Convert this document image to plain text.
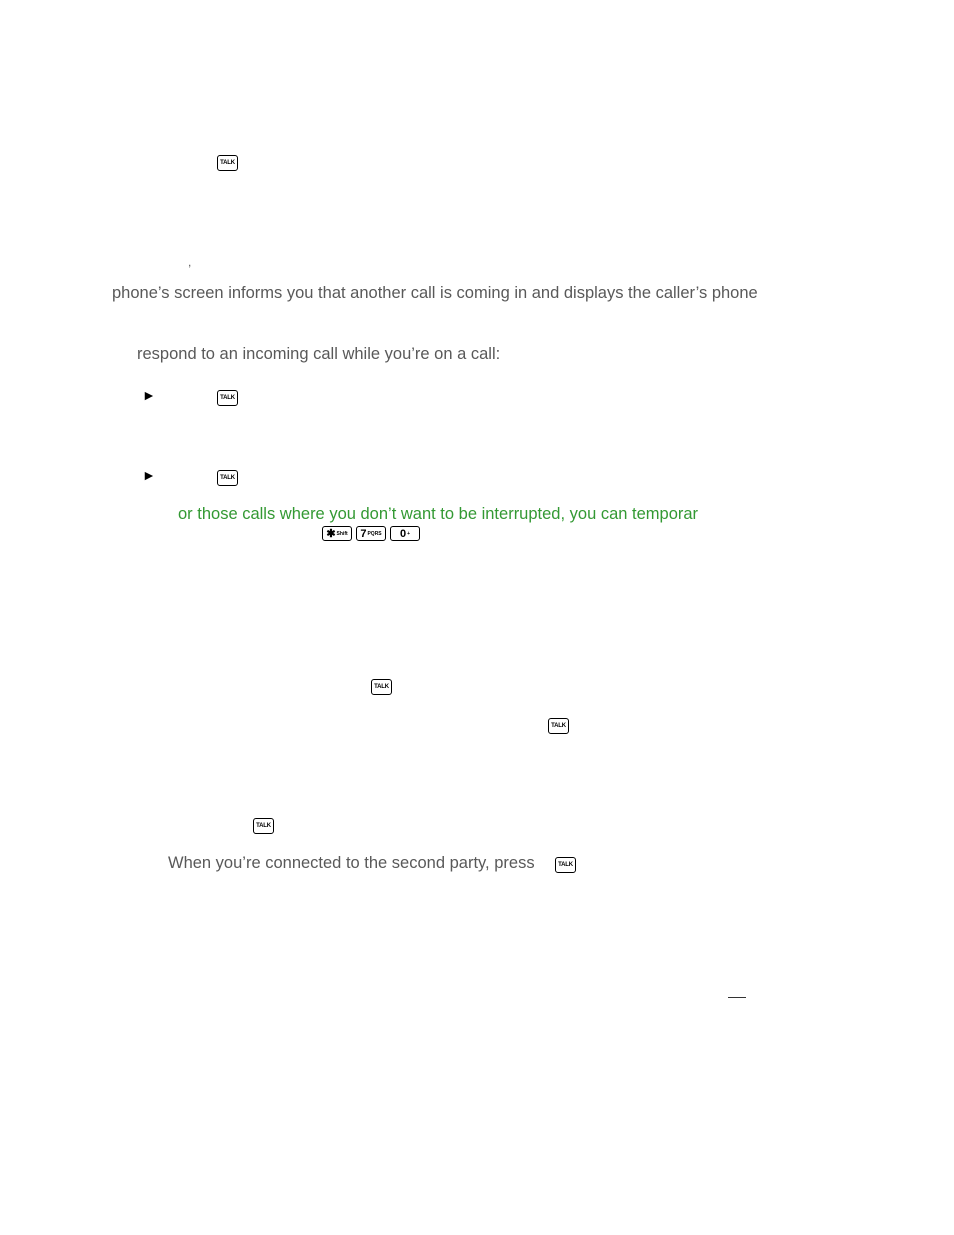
TALK
,
phone’s screen informs you that another call is coming in and displays the caller’s phone
respond to an incoming call while you’re on a call:
►	TALK
►	TALK
or those calls where you don’t want to be interrupted, you can temporar
✱ Shift 7 PQRS 0 +
TALK
TALK
TALK
When you’re connected to the second party, press	TALK
